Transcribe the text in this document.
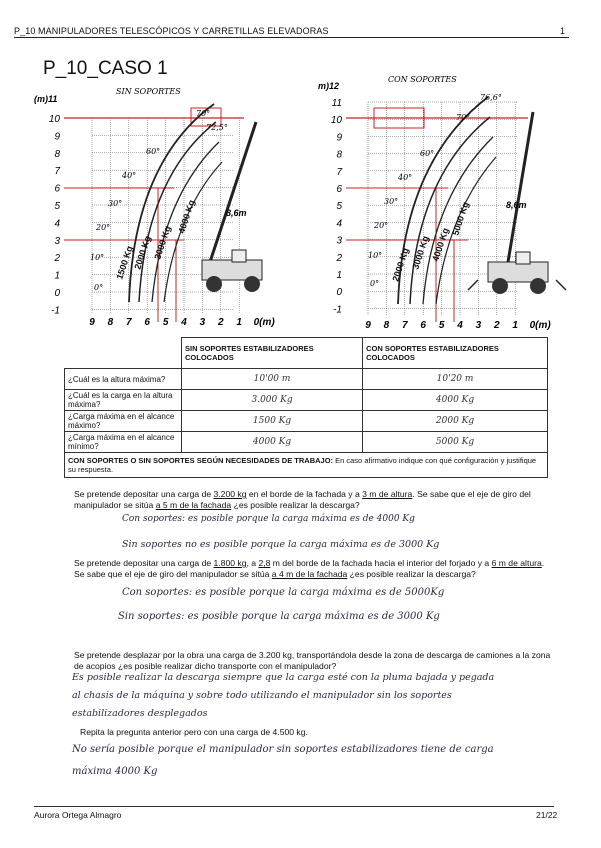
P_10 MANIPULADORES TELESCÓPICOS Y CARRETILLAS ELEVADORAS	1
P_10_CASO 1
SIN SOPORTES
(m)11
10
9
8
7
6
5
4
3
2
1
0
-1
9 8 7 6 5 4 3 2 1 0(m)
70°
72,5°
60°
40°
30°
20°
10°
0°
1500 Kg
2000 Kg 3000 Kg
4000 Kg	8,6m
CON SOPORTES
m)12
11
10
9
8
7
6
5
4
3
2
1
0
-1
9 8 7 6 5 4 3 2 1 0(m)
76,6°
70°
60°
40°
30°
20°
10°
0°
2000 Kg 3000 Kg 4000 Kg
5000 Kg	8,6m
	SIN SOPORTES ESTABILIZADORES COLOCADOS	CON SOPORTES ESTABILIZADORES COLOCADOS
¿Cuál es la altura máxima?	10'00 m	10'20 m
¿Cuál es la carga en la altura máxima?	3.000 Kg	4000 Kg
¿Carga máxima en el alcance máximo?	1500 Kg	2000 Kg
¿Carga máxima en el alcance mínimo?	4000 Kg	5000 Kg
CON SOPORTES O SIN SOPORTES SEGÚN NECESIDADES DE TRABAJO: En caso afirmativo indique con qué configuración y justifique su respuesta.		
Se pretende depositar una carga de 3.200 kg en el borde de la fachada y a 3 m de altura. Se sabe que el eje de giro del manipulador se sitúa a 5 m de la fachada ¿es posible realizar la descarga?
Con soportes: es posible porque la carga máxima es de 4000 Kg
Sin soportes no es posible porque la carga máxima es de 3000 Kg
Se pretende depositar una carga de 1.800 kg, a 2,8 m del borde de la fachada hacia el interior del forjado y a 6 m de altura. Se sabe que el eje de giro del manipulador se sitúa a 4 m de la fachada ¿es posible realizar la descarga?
Con soportes: es posible porque la carga máxima es de 5000Kg
Sin soportes: es posible porque la carga máxima es de 3000 Kg
Se pretende desplazar por la obra una carga de 3.200 kg, transportándola desde la zona de descarga de camiones a la zona de acopios ¿es posible realizar dicho transporte con el manipulador?
Es posible realizar la descarga siempre que la carga esté con la pluma bajada y pegada
al chasis de la máquina y sobre todo utilizando el manipulador sin los soportes
estabilizadores desplegados
Repita la pregunta anterior pero con una carga de 4.500 kg.
No sería posible porque el manipulador sin soportes estabilizadores tiene de carga
máxima 4000 Kg
Aurora Ortega Almagro	21/22
